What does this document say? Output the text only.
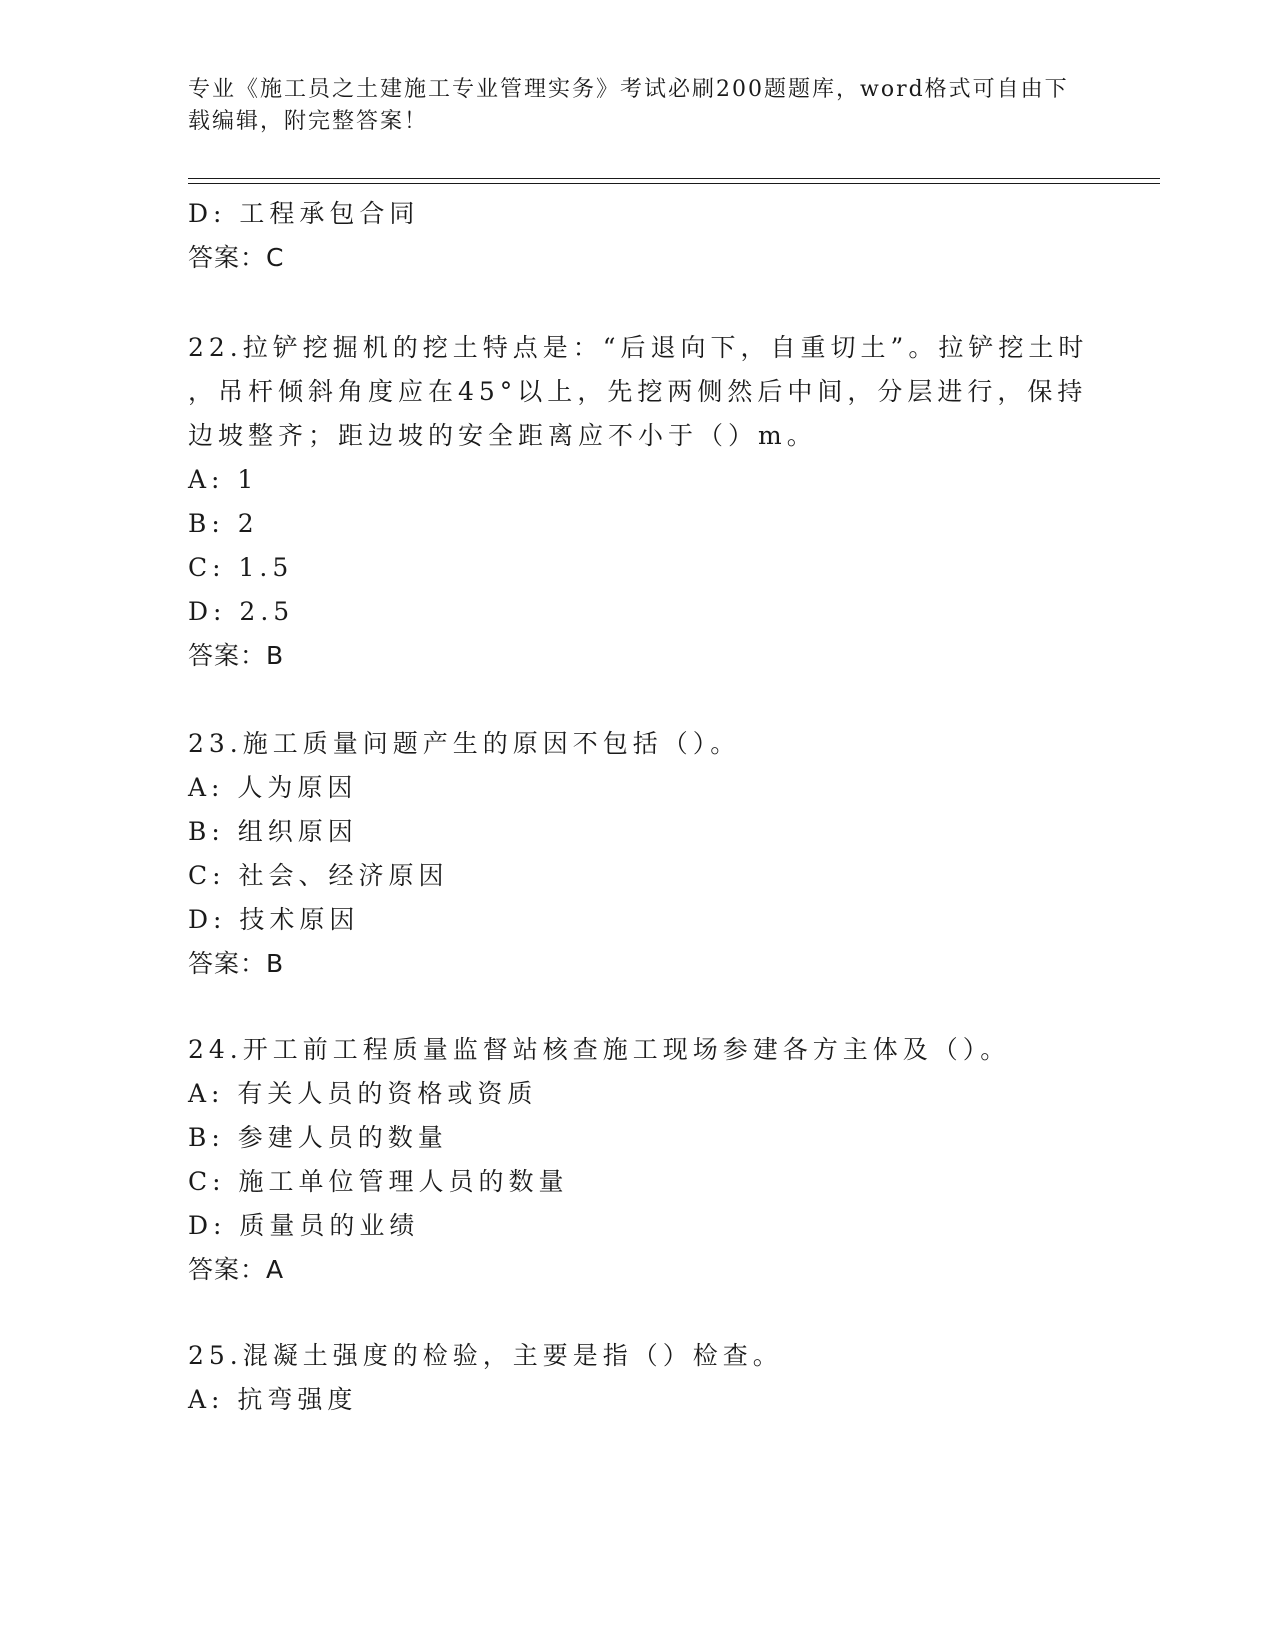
专业《施工员之土建施工专业管理实务》考试必刷200题题库，word格式可自由下载编辑，附完整答案！
D: 工程承包合同
答案：C
22.拉铲挖掘机的挖土特点是：“后退向下，自重切土”。拉铲挖土时
，吊杆倾斜角度应在45°以上，先挖两侧然后中间，分层进行，保持
边坡整齐；距边坡的安全距离应不小于（）m。
A: 1
B: 2
C: 1.5
D: 2.5
答案：B
23.施工质量问题产生的原因不包括（）。
A: 人为原因
B: 组织原因
C: 社会、经济原因
D: 技术原因
答案：B
24.开工前工程质量监督站核查施工现场参建各方主体及（）。
A: 有关人员的资格或资质
B: 参建人员的数量
C: 施工单位管理人员的数量
D: 质量员的业绩
答案：A
25.混凝土强度的检验，主要是指（）检查。
A: 抗弯强度
